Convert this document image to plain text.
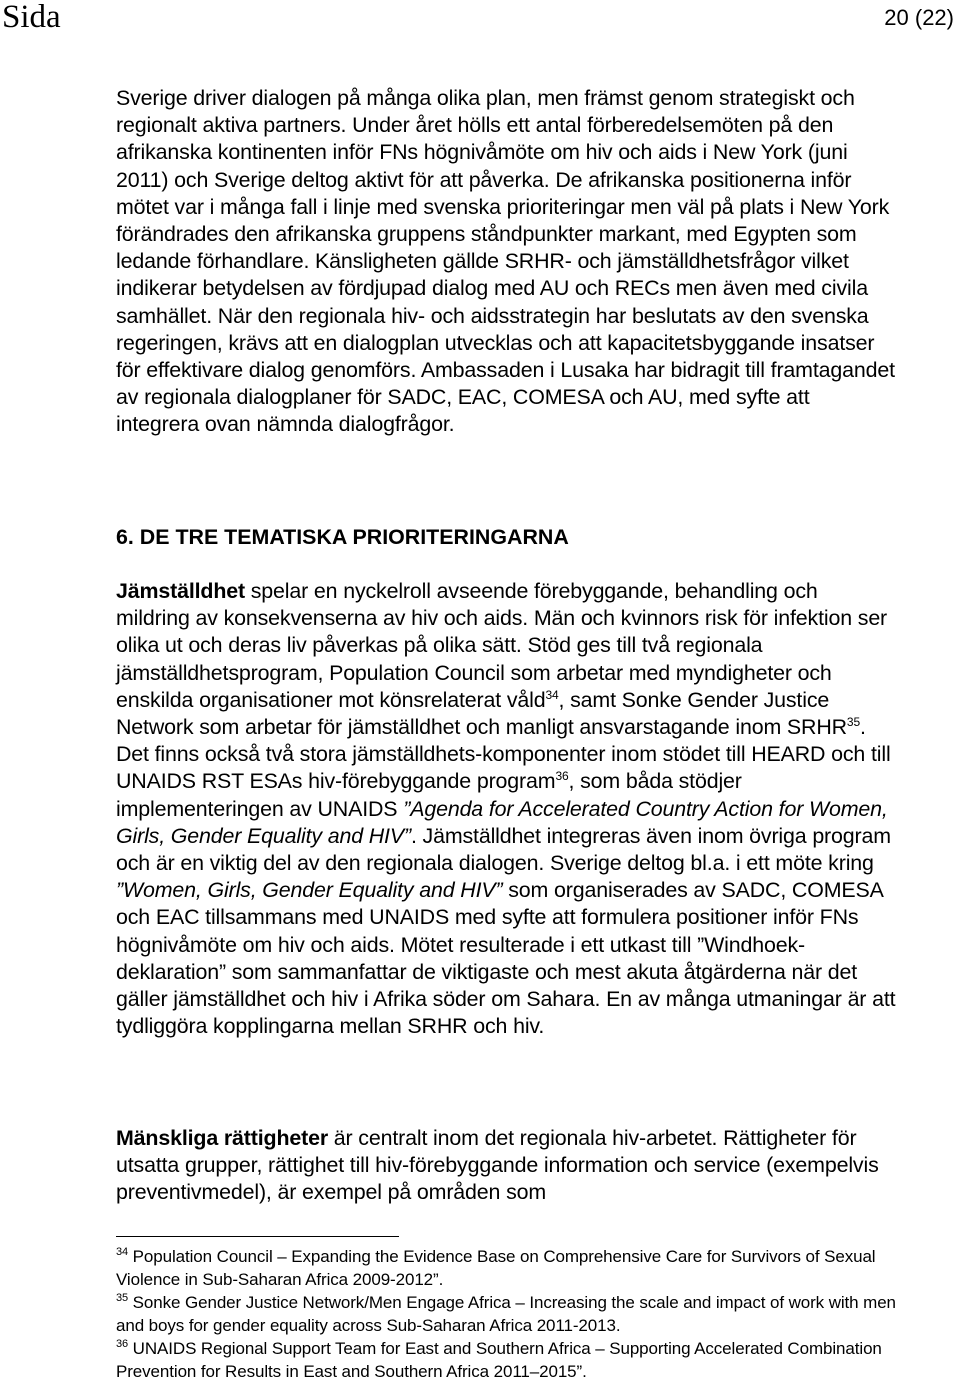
Sida	20 (22)
Sverige driver dialogen på många olika plan, men främst genom strategiskt och regionalt aktiva partners. Under året hölls ett antal förberedelsemöten på den afrikanska kontinenten inför FNs högnivåmöte om hiv och aids i New York (juni 2011) och Sverige deltog aktivt för att påverka. De afrikanska positionerna inför mötet var i många fall i linje med svenska prioriteringar men väl på plats i New York förändrades den afrikanska gruppens ståndpunkter markant, med Egypten som ledande förhandlare. Känsligheten gällde SRHR- och jämställdhetsfrågor vilket indikerar betydelsen av fördjupad dialog med AU och RECs men även med civila samhället. När den regionala hiv- och aidsstrategin har beslutats av den svenska regeringen, krävs att en dialogplan utvecklas och att kapacitetsbyggande insatser för effektivare dialog genomförs. Ambassaden i Lusaka har bidragit till framtagandet av regionala dialogplaner för SADC, EAC, COMESA och AU, med syfte att integrera ovan nämnda dialogfrågor.
6. DE TRE TEMATISKA PRIORITERINGARNA
Jämställdhet spelar en nyckelroll avseende förebyggande, behandling och mildring av konsekvenserna av hiv och aids. Män och kvinnors risk för infektion ser olika ut och deras liv påverkas på olika sätt. Stöd ges till två regionala jämställdhetsprogram, Population Council som arbetar med myndigheter och enskilda organisationer mot könsrelaterat våld$^{34}$, samt Sonke Gender Justice Network som arbetar för jämställdhet och manligt ansvarstagande inom SRHR$^{35}$. Det finns också två stora jämställdhets-komponenter inom stödet till HEARD och till UNAIDS RST ESAs hiv-förebyggande program$^{36}$, som båda stödjer implementeringen av UNAIDS ”Agenda for Accelerated Country Action for Women, Girls, Gender Equality and HIV”. Jämställdhet integreras även inom övriga program och är en viktig del av den regionala dialogen. Sverige deltog bl.a. i ett möte kring ”Women, Girls, Gender Equality and HIV” som organiserades av SADC, COMESA och EAC tillsammans med UNAIDS med syfte att formulera positioner inför FNs högnivåmöte om hiv och aids. Mötet resulterade i ett utkast till ”Windhoek-deklaration” som sammanfattar de viktigaste och mest akuta åtgärderna när det gäller jämställdhet och hiv i Afrika söder om Sahara. En av många utmaningar är att tydliggöra kopplingarna mellan SRHR och hiv.
Mänskliga rättigheter är centralt inom det regionala hiv-arbetet. Rättigheter för utsatta grupper, rättighet till hiv-förebyggande information och service (exempelvis preventivmedel), är exempel på områden som
$^{34}$ Population Council – Expanding the Evidence Base on Comprehensive Care for Survivors of Sexual Violence in Sub-Saharan Africa 2009-2012”.
$^{35}$ Sonke Gender Justice Network/Men Engage Africa – Increasing the scale and impact of work with men and boys for gender equality across Sub-Saharan Africa 2011-2013.
$^{36}$ UNAIDS Regional Support Team for East and Southern Africa – Supporting Accelerated Combination Prevention for Results in East and Southern Africa 2011–2015”.
